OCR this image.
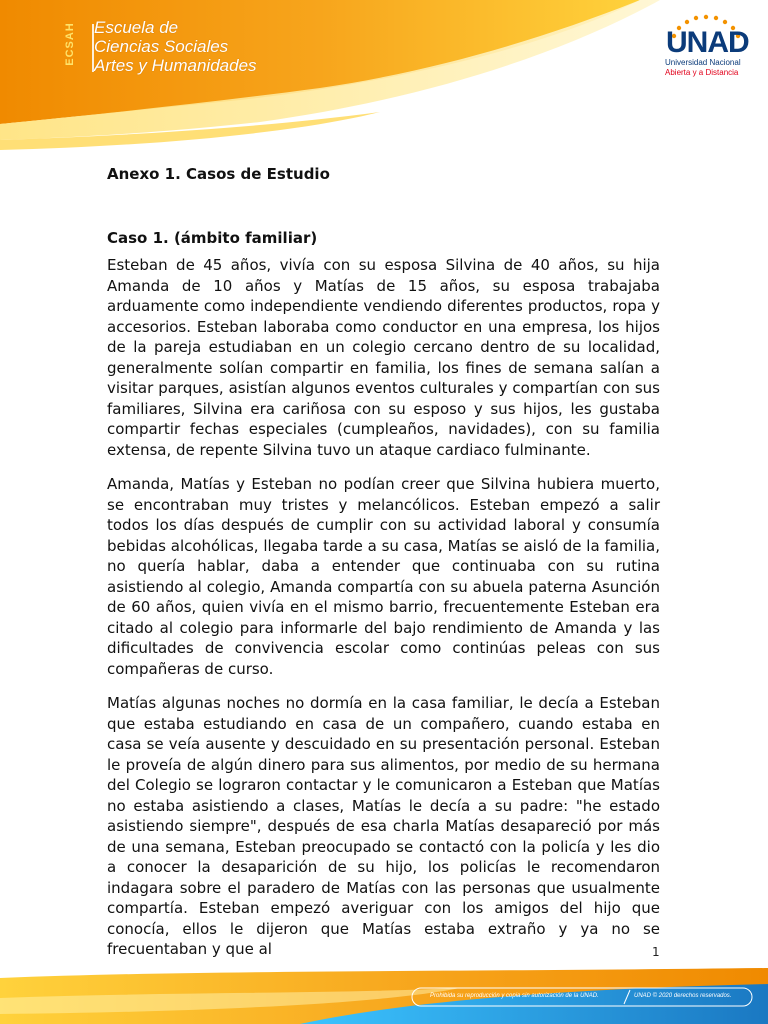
ECSAH Escuela de
Ciencias Sociales
Artes y Humanidades
UNAD
Universidad Nacional
Abierta y a Distancia
Anexo 1. Casos de Estudio
Caso 1. (ámbito familiar)

Esteban de 45 años, vivía con su esposa Silvina de 40 años, su hija Amanda de 10 años y Matías de 15 años, su esposa trabajaba arduamente como independiente vendiendo diferentes productos, ropa y accesorios. Esteban laboraba como conductor en una empresa, los hijos de la pareja estudiaban en un colegio cercano dentro de su localidad, generalmente solían compartir en familia, los fines de semana salían a visitar parques, asistían algunos eventos culturales y compartían con sus familiares, Silvina era cariñosa con su esposo y sus hijos, les gustaba compartir fechas especiales (cumpleaños, navidades), con su familia extensa, de repente Silvina tuvo un ataque cardiaco fulminante.

Amanda, Matías y Esteban no podían creer que Silvina hubiera muerto, se encontraban muy tristes y melancólicos. Esteban empezó a salir todos los días después de cumplir con su actividad laboral y consumía bebidas alcohólicas, llegaba tarde a su casa, Matías se aisló de la familia, no quería hablar, daba a entender que continuaba con su rutina asistiendo al colegio, Amanda compartía con su abuela paterna Asunción de 60 años, quien vivía en el mismo barrio, frecuentemente Esteban era citado al colegio para informarle del bajo rendimiento de Amanda y las dificultades de convivencia escolar como continúas peleas con sus compañeras de curso.

Matías algunas noches no dormía en la casa familiar, le decía a Esteban que estaba estudiando en casa de un compañero, cuando estaba en casa se veía ausente y descuidado en su presentación personal. Esteban le proveía de algún dinero para sus alimentos, por medio de su hermana del Colegio se lograron contactar y le comunicaron a Esteban que Matías no estaba asistiendo a clases, Matías le decía a su padre: "he estado asistiendo siempre", después de esa charla Matías desapareció por más de una semana, Esteban preocupado se contactó con la policía y les dio a conocer la desaparición de su hijo, los policías le recomendaron indagara sobre el paradero de Matías con las personas que usualmente compartía. Esteban empezó averiguar con los amigos del hijo que conocía, ellos le dijeron que Matías estaba extraño y ya no se frecuentaban y que al	1
Prohibida su reproducción y copia sin autorización de la UNAD.	UNAD © 2020 derechos reservados.
